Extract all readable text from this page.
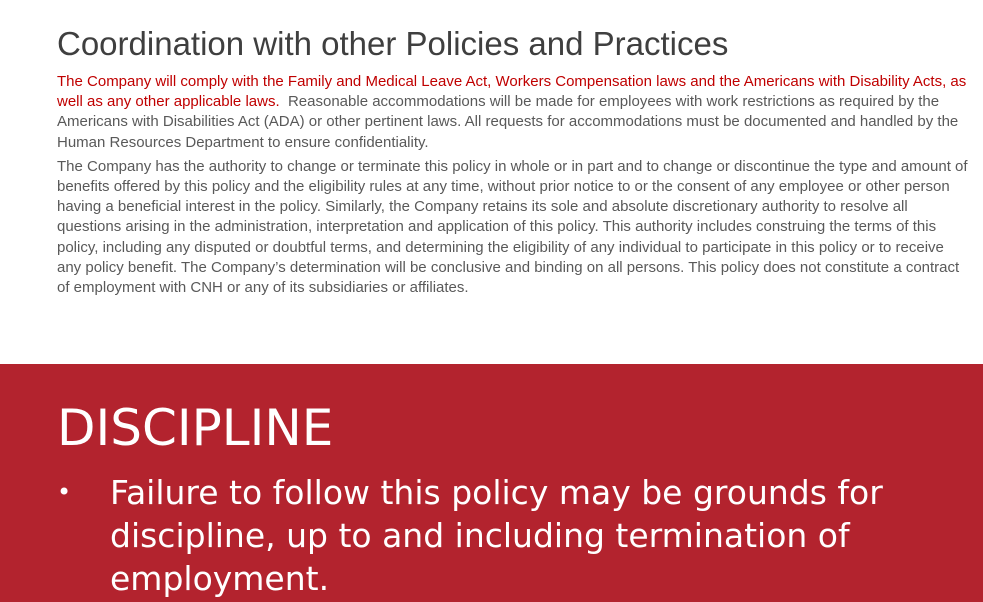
Coordination with other Policies and Practices

The Company will comply with the Family and Medical Leave Act, Workers Compensation laws and the Americans with Disability Acts, as well as any other applicable laws. Reasonable accommodations will be made for employees with work restrictions as required by the Americans with Disabilities Act (ADA) or other pertinent laws. All requests for accommodations must be documented and handled by the Human Resources Department to ensure confidentiality.

The Company has the authority to change or terminate this policy in whole or in part and to change or discontinue the type and amount of benefits offered by this policy and the eligibility rules at any time, without prior notice to or the consent of any employee or other person having a beneficial interest in the policy. Similarly, the Company retains its sole and absolute discretionary authority to resolve all questions arising in the administration, interpretation and application of this policy. This authority includes construing the terms of this policy, including any disputed or doubtful terms, and determining the eligibility of any individual to participate in this policy or to receive any policy benefit. The Company’s determination will be conclusive and binding on all persons. This policy does not constitute a contract of employment with CNH or any of its subsidiaries or affiliates.

DISCIPLINE
• Failure to follow this policy may be grounds for discipline, up to and including termination of employment.
